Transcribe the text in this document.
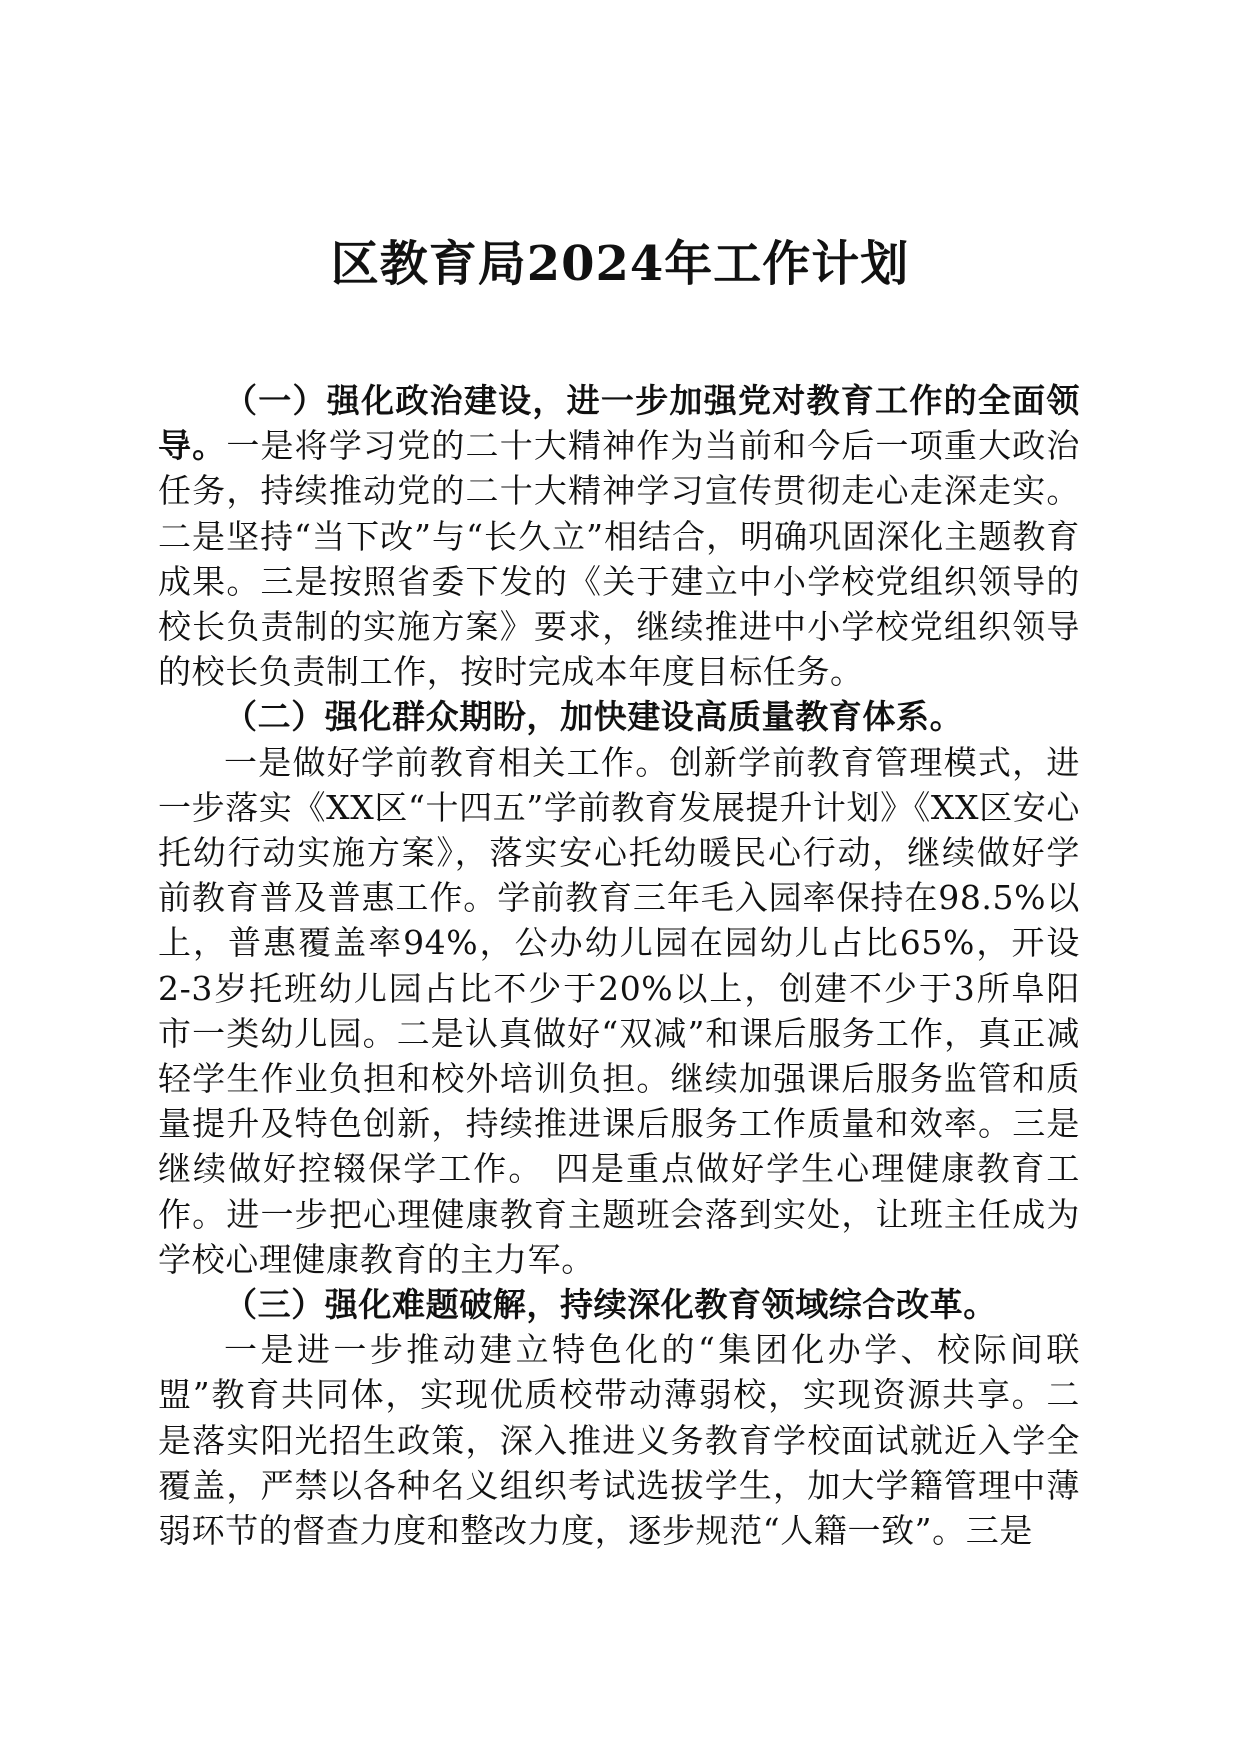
区教育局2024年工作计划

（一）强化政治建设，进一步加强党对教育工作的全面领导。一是将学习党的二十大精神作为当前和今后一项重大政治任务，持续推动党的二十大精神学习宣传贯彻走心走深走实。二是坚持“当下改”与“长久立”相结合，明确巩固深化主题教育成果。三是按照省委下发的《关于建立中小学校党组织领导的校长负责制的实施方案》要求，继续推进中小学校党组织领导的校长负责制工作，按时完成本年度目标任务。

（二）强化群众期盼，加快建设高质量教育体系。

一是做好学前教育相关工作。创新学前教育管理模式，进一步落实《XX区“十四五”学前教育发展提升计划》《XX区安心托幼行动实施方案》，落实安心托幼暖民心行动，继续做好学前教育普及普惠工作。学前教育三年毛入园率保持在98.5%以上，普惠覆盖率94%，公办幼儿园在园幼儿占比65%，开设2-3岁托班幼儿园占比不少于20%以上，创建不少于3所阜阳市一类幼儿园。二是认真做好“双减”和课后服务工作，真正减轻学生作业负担和校外培训负担。继续加强课后服务监管和质量提升及特色创新，持续推进课后服务工作质量和效率。三是继续做好控辍保学工作。 四是重点做好学生心理健康教育工作。进一步把心理健康教育主题班会落到实处，让班主任成为学校心理健康教育的主力军。

（三）强化难题破解，持续深化教育领域综合改革。

一是进一步推动建立特色化的“集团化办学、校际间联盟”教育共同体，实现优质校带动薄弱校，实现资源共享。二是落实阳光招生政策，深入推进义务教育学校面试就近入学全覆盖，严禁以各种名义组织考试选拔学生，加大学籍管理中薄弱环节的督查力度和整改力度，逐步规范“人籍一致”。三是
